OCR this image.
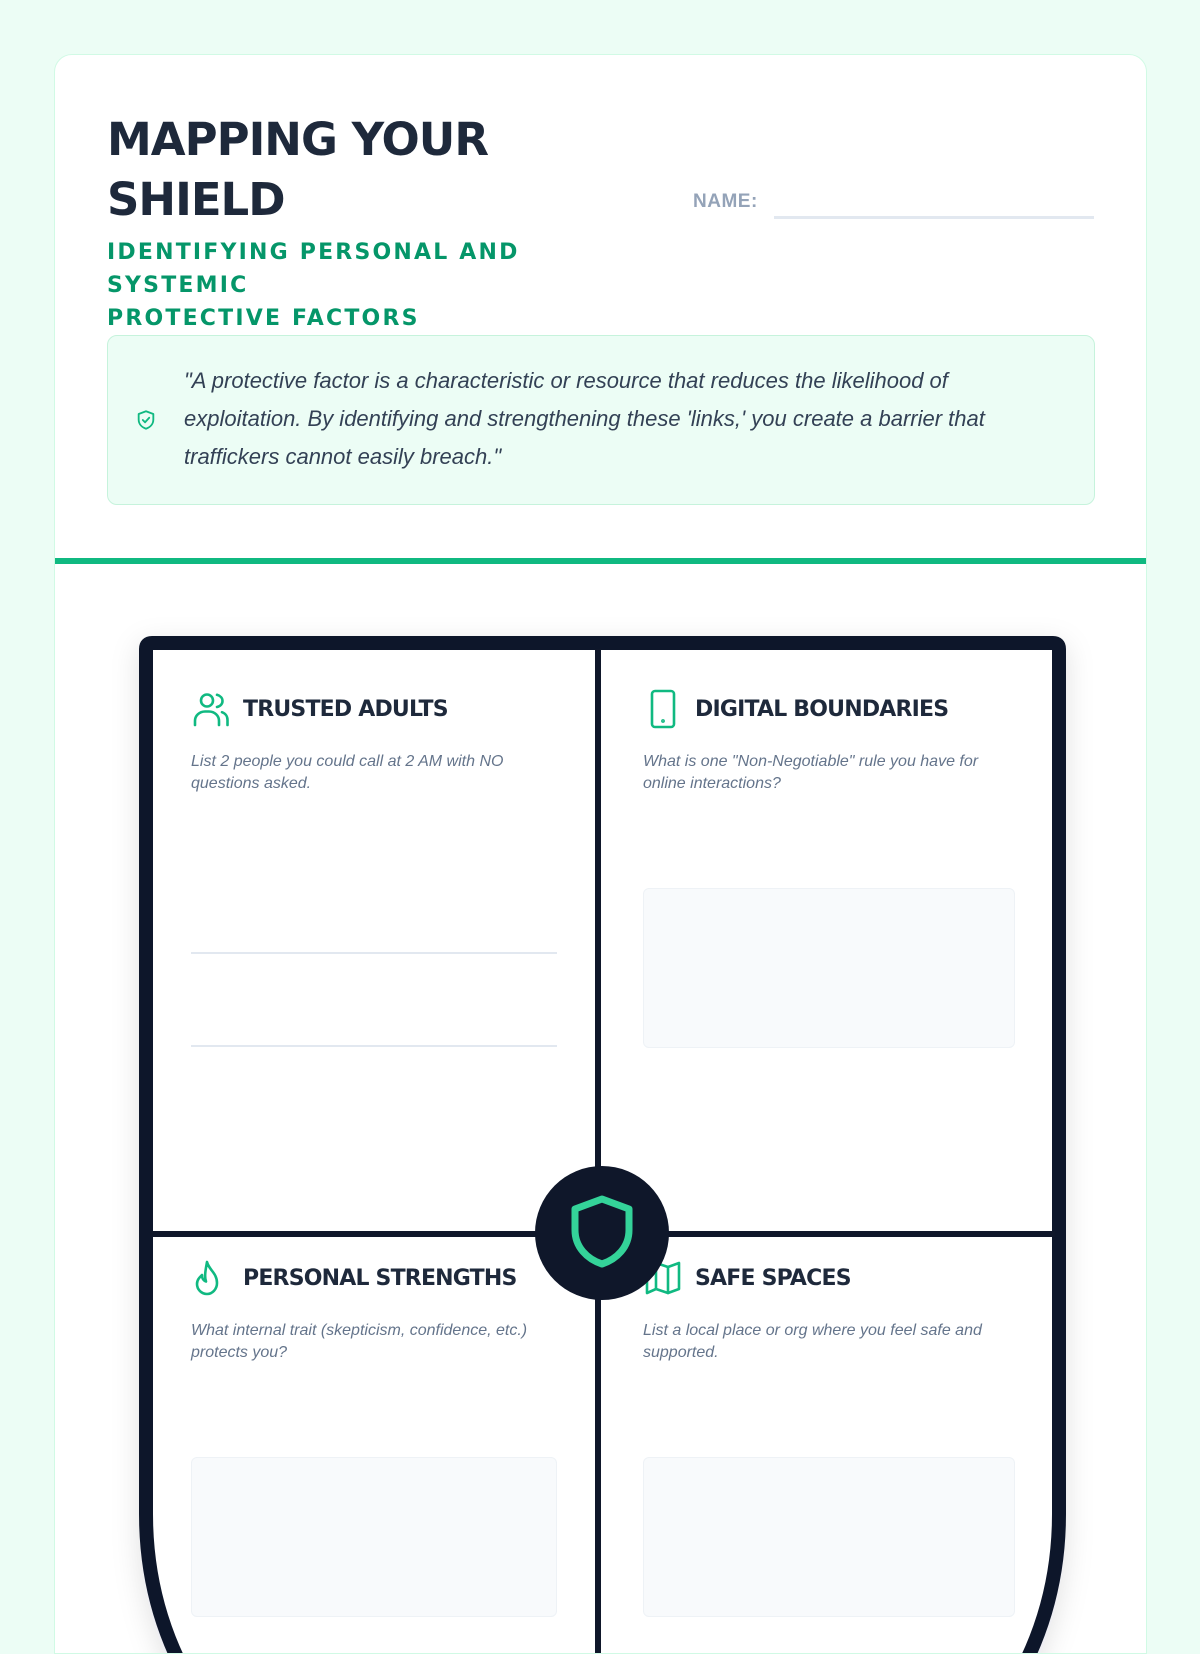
MAPPING YOUR
SHIELD
IDENTIFYING PERSONAL AND SYSTEMIC
PROTECTIVE FACTORS
NAME:
"A protective factor is a characteristic or resource that reduces the likelihood of exploitation. By identifying and strengthening these 'links,' you create a barrier that traffickers cannot easily breach."
TRUSTED ADULTS
List 2 people you could call at 2 AM with NO questions asked.
DIGITAL BOUNDARIES
What is one "Non-Negotiable" rule you have for online interactions?
PERSONAL STRENGTHS
What internal trait (skepticism, confidence, etc.) protects you?
SAFE SPACES
List a local place or org where you feel safe and supported.
